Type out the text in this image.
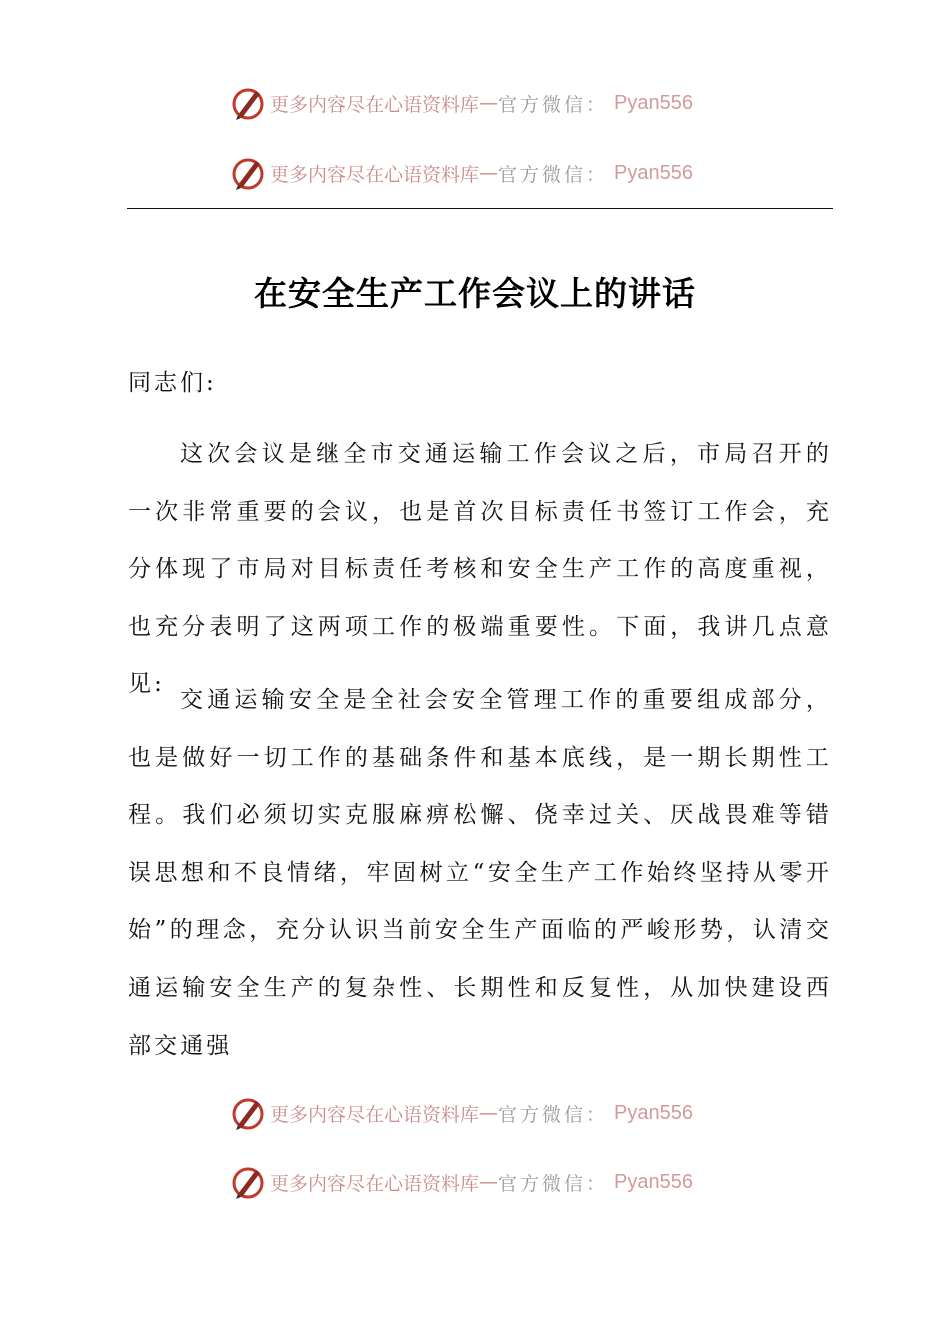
更多内容尽在心语资料库 — 官方微信： Pyan556
更多内容尽在心语资料库 — 官方微信： Pyan556
在安全生产工作会议上的讲话
同志们:

这次会议是继全市交通运输工作会议之后，市局召开的一次非常重要的会议，也是首次目标责任书签订工作会，充分体现了市局对目标责任考核和安全生产工作的高度重视，也充分表明了这两项工作的极端重要性。下面，我讲几点意见:

交通运输安全是全社会安全管理工作的重要组成部分，也是做好一切工作的基础条件和基本底线，是一期长期性工程。我们必须切实克服麻痹松懈、侥幸过关、厌战畏难等错误思想和不良情绪，牢固树立“安全生产工作始终坚持从零开始”的理念，充分认识当前安全生产面临的严峻形势，认清交通运输安全生产的复杂性、长期性和反复性，从加快建设西部交通强

更多内容尽在心语资料库 — 官方微信： Pyan556
更多内容尽在心语资料库 — 官方微信： Pyan556
